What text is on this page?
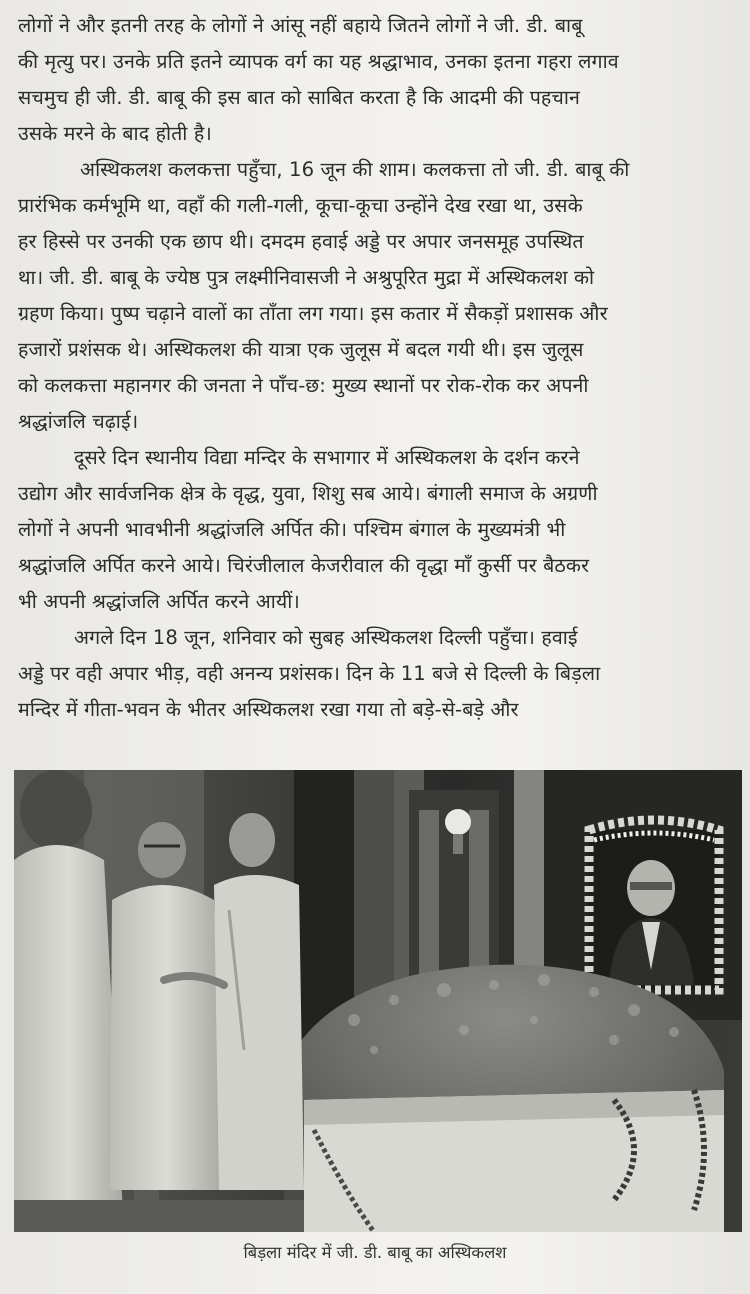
लोगों ने और इतनी तरह के लोगों ने आंसू नहीं बहाये जितने लोगों ने जी. डी. बाबू
की मृत्यु पर। उनके प्रति इतने व्यापक वर्ग का यह श्रद्धाभाव, उनका इतना गहरा लगाव
सचमुच ही जी. डी. बाबू की इस बात को साबित करता है कि आदमी की पहचान
उसके मरने के बाद होती है।
अस्थिकलश कलकत्ता पहुँचा, 16 जून की शाम। कलकत्ता तो जी. डी. बाबू की
प्रारंभिक कर्मभूमि था, वहाँ की गली-गली, कूचा-कूचा उन्होंने देख रखा था, उसके
हर हिस्से पर उनकी एक छाप थी। दमदम हवाई अड्डे पर अपार जनसमूह उपस्थित
था। जी. डी. बाबू के ज्येष्ठ पुत्र लक्ष्मीनिवासजी ने अश्रुपूरित मुद्रा में अस्थिकलश को
ग्रहण किया। पुष्प चढ़ाने वालों का ताँता लग गया। इस कतार में सैकड़ों प्रशासक और
हजारों प्रशंसक थे। अस्थिकलश की यात्रा एक जुलूस में बदल गयी थी। इस जुलूस
को कलकत्ता महानगर की जनता ने पाँच-छ: मुख्य स्थानों पर रोक-रोक कर अपनी
श्रद्धांजलि चढ़ाई।
दूसरे दिन स्थानीय विद्या मन्दिर के सभागार में अस्थिकलश के दर्शन करने
उद्योग और सार्वजनिक क्षेत्र के वृद्ध, युवा, शिशु सब आये। बंगाली समाज के अग्रणी
लोगों ने अपनी भावभीनी श्रद्धांजलि अर्पित की। पश्चिम बंगाल के मुख्यमंत्री भी
श्रद्धांजलि अर्पित करने आये। चिरंजीलाल केजरीवाल की वृद्धा माँ कुर्सी पर बैठकर
भी अपनी श्रद्धांजलि अर्पित करने आयीं।
अगले दिन 18 जून, शनिवार को सुबह अस्थिकलश दिल्ली पहुँचा। हवाई
अड्डे पर वही अपार भीड़, वही अनन्य प्रशंसक। दिन के 11 बजे से दिल्ली के बिड़ला
मन्दिर में गीता-भवन के भीतर अस्थिकलश रखा गया तो बड़े-से-बड़े और
बिड़ला मंदिर में जी. डी. बाबू का अस्थिकलश
